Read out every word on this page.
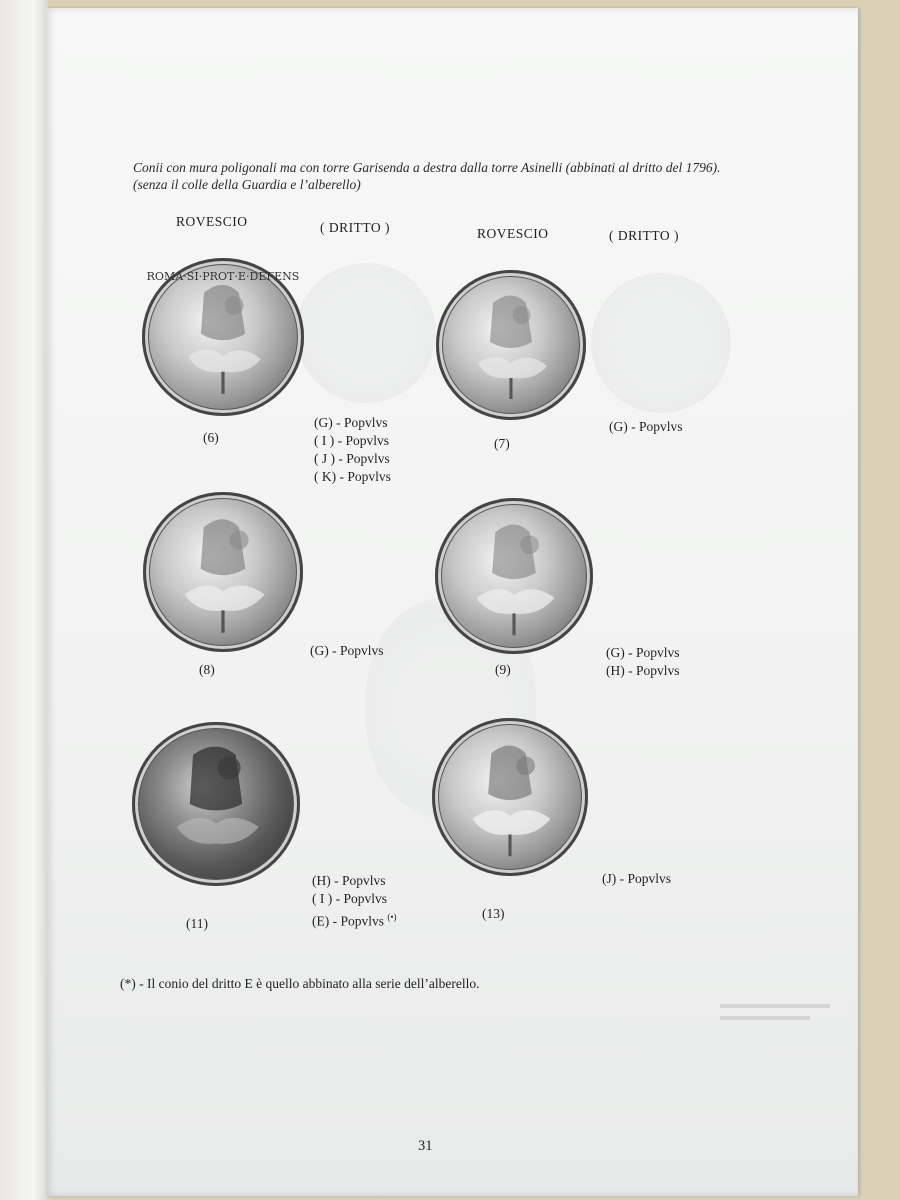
Conii con mura poligonali ma con torre Garisenda a destra dalla torre Asinelli (abbinati al dritto del 1796). (senza il colle della Guardia e l’alberello)
ROVESCIO	( DRITTO )	ROVESCIO	( DRITTO )
ROMA·SI·PROT·E·DEFENS
(6)
(G) - Popvlvs
( I ) - Popvlvs
( J ) - Popvlvs
( K) - Popvlvs
(7)
(G) - Popvlvs
(8)
(G) - Popvlvs
(9)
(G) - Popvlvs
(H) - Popvlvs
(11)
(H) - Popvlvs
( I ) - Popvlvs
(E) - Popvlvs (•)	(13)
(J) - Popvlvs
(*) - Il conio del dritto E è quello abbinato alla serie dell’alberello.
31
